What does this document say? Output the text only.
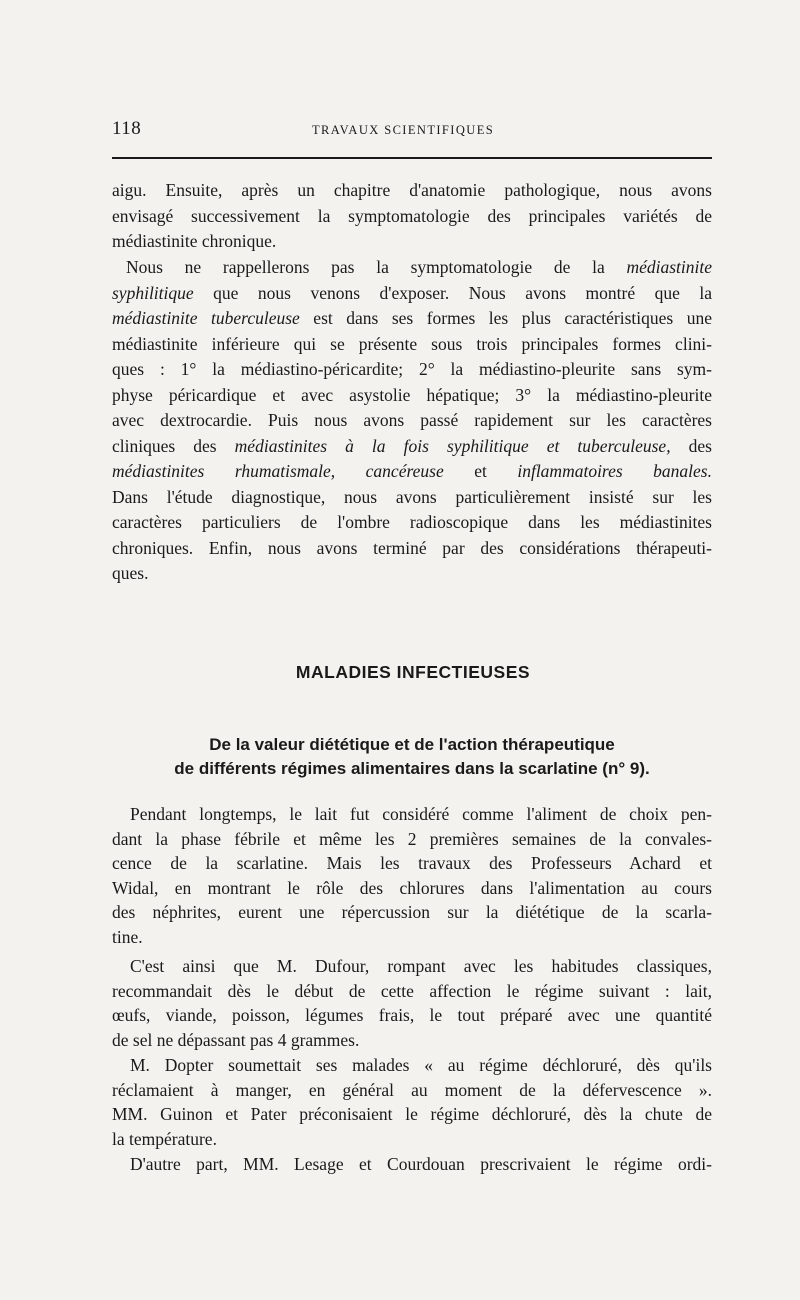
118	TRAVAUX SCIENTIFIQUES
aigu. Ensuite, après un chapitre d'anatomie pathologique, nous avons
envisagé successivement la symptomatologie des principales variétés de
médiastinite chronique.
Nous ne rappellerons pas la symptomatologie de la médiastinite
syphilitique que nous venons d'exposer. Nous avons montré que la
médiastinite tuberculeuse est dans ses formes les plus caractéristiques une
médiastinite inférieure qui se présente sous trois principales formes clini-
ques : 1° la médiastino-péricardite; 2° la médiastino-pleurite sans sym-
physe péricardique et avec asystolie hépatique; 3° la médiastino-pleurite
avec dextrocardie. Puis nous avons passé rapidement sur les caractères
cliniques des médiastinites à la fois syphilitique et tuberculeuse, des
médiastinites rhumatismale, cancéreuse et inflammatoires banales.
Dans l'étude diagnostique, nous avons particulièrement insisté sur les
caractères particuliers de l'ombre radioscopique dans les médiastinites
chroniques. Enfin, nous avons terminé par des considérations thérapeuti-
ques.
MALADIES INFECTIEUSES
De la valeur diététique et de l'action thérapeutique
de différents régimes alimentaires dans la scarlatine (n° 9).
Pendant longtemps, le lait fut considéré comme l'aliment de choix pen-
dant la phase fébrile et même les 2 premières semaines de la convales-
cence de la scarlatine. Mais les travaux des Professeurs Achard et
Widal, en montrant le rôle des chlorures dans l'alimentation au cours
des néphrites, eurent une répercussion sur la diététique de la scarla-
tine.
C'est ainsi que M. Dufour, rompant avec les habitudes classiques,
recommandait dès le début de cette affection le régime suivant : lait,
œufs, viande, poisson, légumes frais, le tout préparé avec une quantité
de sel ne dépassant pas 4 grammes.
M. Dopter soumettait ses malades « au régime déchloruré, dès qu'ils
réclamaient à manger, en général au moment de la défervescence ».
MM. Guinon et Pater préconisaient le régime déchloruré, dès la chute de
la température.
D'autre part, MM. Lesage et Courdouan prescrivaient le régime ordi-
